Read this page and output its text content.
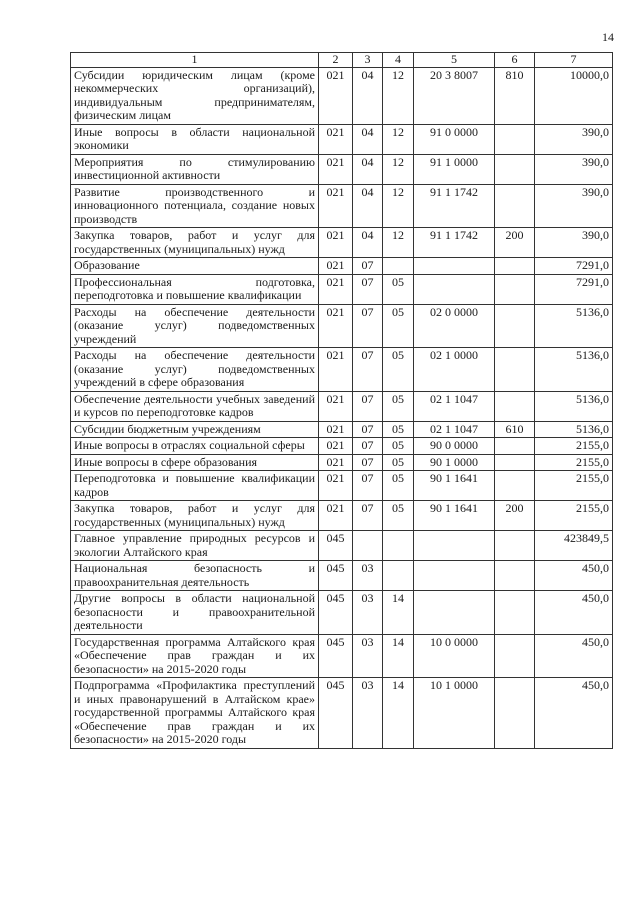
14
1	2	3	4	5	6	7
Субсидии юридическим лицам (кроме некоммерческих организаций), индивидуальным предпринимателям, физическим лицам	021	04	12	20 3 8007	810	10000,0
Иные вопросы в области национальной экономики	021	04	12	91 0 0000		390,0
Мероприятия по стимулированию инвестиционной активности	021	04	12	91 1 0000		390,0
Развитие производственного и инновационного потенциала, создание новых производств	021	04	12	91 1 1742		390,0
Закупка товаров, работ и услуг для государственных (муниципальных) нужд	021	04	12	91 1 1742	200	390,0
Образование	021	07				7291,0
Профессиональная подготовка, переподготовка и повышение квалификации	021	07	05			7291,0
Расходы на обеспечение деятельности (оказание услуг) подведомственных учреждений	021	07	05	02 0 0000		5136,0
Расходы на обеспечение деятельности (оказание услуг) подведомственных учреждений в сфере образования	021	07	05	02 1 0000		5136,0
Обеспечение деятельности учебных заведений и курсов по переподготовке кадров	021	07	05	02 1 1047		5136,0
Субсидии бюджетным учреждениям	021	07	05	02 1 1047	610	5136,0
Иные вопросы в отраслях социальной сферы	021	07	05	90 0 0000		2155,0
Иные вопросы в сфере образования	021	07	05	90 1 0000		2155,0
Переподготовка и повышение квалификации кадров	021	07	05	90 1 1641		2155,0
Закупка товаров, работ и услуг для государственных (муниципальных) нужд	021	07	05	90 1 1641	200	2155,0
Главное управление природных ресурсов и экологии Алтайского края	045					423849,5
Национальная безопасность и правоохранительная деятельность	045	03				450,0
Другие вопросы в области национальной безопасности и правоохранительной деятельности	045	03	14			450,0
Государственная программа Алтайского края «Обеспечение прав граждан и их безопасности» на 2015-2020 годы	045	03	14	10 0 0000		450,0
Подпрограмма «Профилактика преступлений и иных правонарушений в Алтайском крае» государственной программы Алтайского края «Обеспечение прав граждан и их безопасности» на 2015-2020 годы	045	03	14	10 1 0000		450,0
